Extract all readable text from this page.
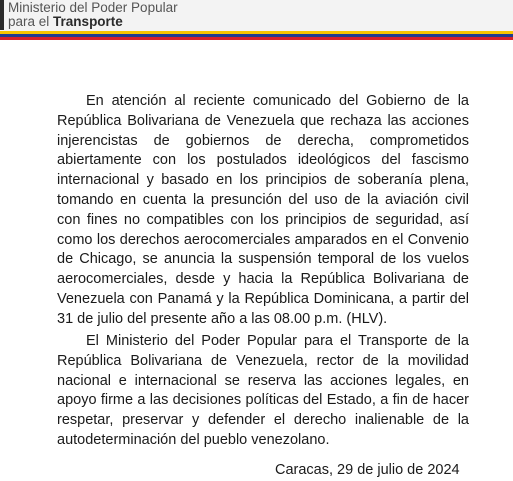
Ministerio del Poder Popular
para el Transporte

En atención al reciente comunicado del Gobierno de la República Bolivariana de Venezuela que rechaza las acciones injerencistas de gobiernos de derecha, comprometidos abiertamente con los postulados ideológicos del fascismo internacional y basado en los principios de soberanía plena, tomando en cuenta la presunción del uso de la aviación civil con fines no compatibles con los principios de seguridad, así como los derechos aerocomerciales amparados en el Convenio de Chicago, se anuncia la suspensión temporal de los vuelos aerocomerciales, desde y hacia la República Bolivariana de Venezuela con Panamá y la República Dominicana, a partir del 31 de julio del presente año a las 08.00 p.m. (HLV).

El Ministerio del Poder Popular para el Transporte de la República Bolivariana de Venezuela, rector de la movilidad nacional e internacional se reserva las acciones legales, en apoyo firme a las decisiones políticas del Estado, a fin de hacer respetar, preservar y defender el derecho inalienable de la autodeterminación del pueblo venezolano.

Caracas, 29 de julio de 2024
